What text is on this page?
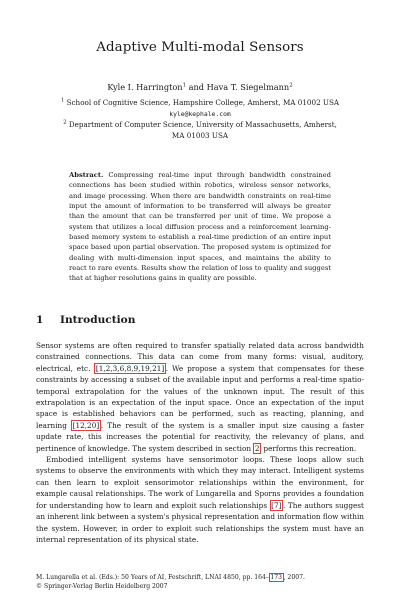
Adaptive Multi-modal Sensors
Kyle I. Harrington$^1$ and Hava T. Siegelmann$^2$
$^1$ School of Cognitive Science, Hampshire College, Amherst, MA 01002 USA
kyle@kephale.com
$^2$ Department of Computer Science, University of Massachusetts, Amherst,
MA 01003 USA
Abstract. Compressing real-time input through bandwidth constrained connections has been studied within robotics, wireless sensor networks, and image processing. When there are bandwidth constraints on real-time input the amount of information to be transferred will always be greater than the amount that can be transferred per unit of time. We propose a system that utilizes a local diffusion process and a reinforcement learning-based memory system to establish a real-time prediction of an entire input space based upon partial observation. The proposed system is optimized for dealing with multi-dimension input spaces, and maintains the ability to react to rare events. Results show the relation of loss to quality and suggest that at higher resolutions gains in quality are possible.
1 Introduction

Sensor systems are often required to transfer spatially related data across bandwidth constrained connections. This data can come from many forms: visual, auditory, electrical, etc. [1,2,3,6,8,9,19,21] . We propose a system that compensates for these constraints by accessing a subset of the available input and performs a real-time spatio-temporal extrapolation for the values of the unknown input. The result of this extrapolation is an expectation of the input space. Once an expectation of the input space is established behaviors can be performed, such as reacting, planning, and learning [12,20] . The result of the system is a smaller input size causing a faster update rate, this increases the potential for reactivity, the relevancy of plans, and pertinence of knowledge. The system described in section 2 performs this recreation.

Embodied intelligent systems have sensorimotor loops. These loops allow such systems to observe the environments with which they may interact. Intelligent systems can then learn to exploit sensorimotor relationships within the environment, for example causal relationships. The work of Lungarella and Sporns provides a foundation for understanding how to learn and exploit such relationships [7] . The authors suggest an inherent link between a system's physical representation and information flow within the system. However, in order to exploit such relationships the system must have an internal representation of its physical state.

M. Lungarella et al. (Eds.): 50 Years of AI, Festschrift, LNAI 4850, pp. 164– 173 , 2007.
© Springer-Verlag Berlin Heidelberg 2007
